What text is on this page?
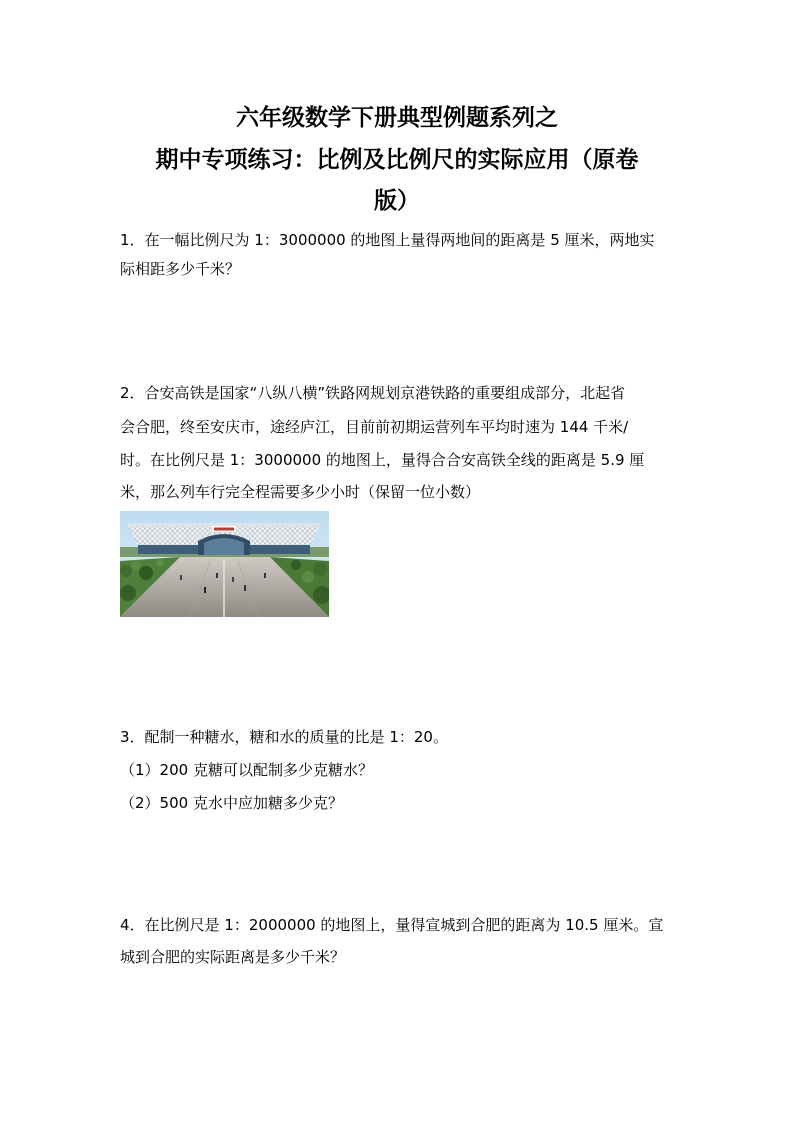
六年级数学下册典型例题系列之
期中专项练习：比例及比例尺的实际应用（原卷
版）
1．在一幅比例尺为 1：3000000 的地图上量得两地间的距离是 5 厘米，两地实
际相距多少千米？
2．合安高铁是国家“八纵八横”铁路网规划京港铁路的重要组成部分，北起省
会合肥，终至安庆市，途经庐江，目前前初期运营列车平均时速为 144 千米/
时。在比例尺是 1：3000000 的地图上，量得合合安高铁全线的距离是 5.9 厘
米，那么列车行完全程需要多少小时（保留一位小数）
3．配制一种糖水，糖和水的质量的比是 1：20。
（1）200 克糖可以配制多少克糖水？
（2）500 克水中应加糖多少克？
4．在比例尺是 1：2000000 的地图上，量得宣城到合肥的距离为 10.5 厘米。宣
城到合肥的实际距离是多少千米？
